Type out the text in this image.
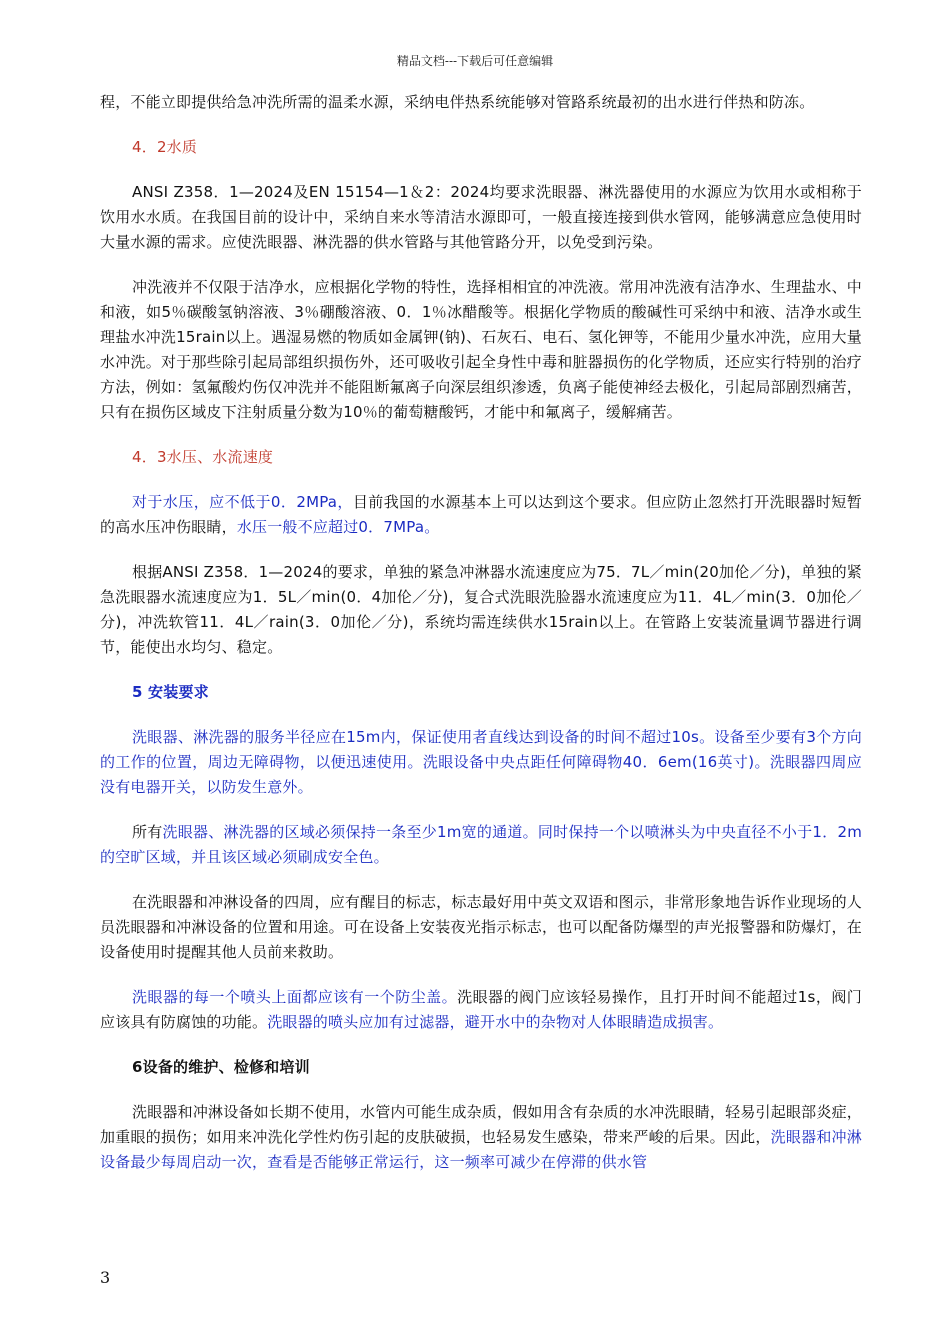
精品文档---下载后可任意编辑

程，不能立即提供给急冲洗所需的温柔水源，采纳电伴热系统能够对管路系统最初的出水进行伴热和防冻。

4．2水质

ANSI Z358．1—2024及EN 15154—1＆2：2024均要求洗眼器、淋洗器使用的水源应为饮用水或相称于饮用水水质。在我国目前的设计中，采纳自来水等清洁水源即可，一般直接连接到供水管网，能够满意应急使用时大量水源的需求。应使洗眼器、淋洗器的供水管路与其他管路分开，以免受到污染。

冲洗液并不仅限于洁净水，应根据化学物的特性，选择相相宜的冲洗液。常用冲洗液有洁净水、生理盐水、中和液，如5％碳酸氢钠溶液、3％硼酸溶液、0．1％冰醋酸等。根据化学物质的酸碱性可采纳中和液、洁净水或生理盐水冲洗15rain以上。遇湿易燃的物质如金属钾(钠)、石灰石、电石、氢化钾等，不能用少量水冲洗，应用大量水冲洗。对于那些除引起局部组织损伤外，还可吸收引起全身性中毒和脏器损伤的化学物质，还应实行特别的治疗方法，例如：氢氟酸灼伤仅冲洗并不能阻断氟离子向深层组织渗透，负离子能使神经去极化，引起局部剧烈痛苦，只有在损伤区域皮下注射质量分数为10％的葡萄糖酸钙，才能中和氟离子，缓解痛苦。

4．3水压、水流速度

对于水压，应不低于0．2MPa，目前我国的水源基本上可以达到这个要求。但应防止忽然打开洗眼器时短暂的高水压冲伤眼睛，水压一般不应超过0．7MPa。

根据ANSI Z358．1—2024的要求，单独的紧急冲淋器水流速度应为75．7L／min(20加伦／分)，单独的紧急洗眼器水流速度应为1．5L／min(0．4加伦／分)，复合式洗眼洗脸器水流速度应为11．4L／min(3．0加伦／分)，冲洗软管11．4L／rain(3．0加伦／分)，系统均需连续供水15rain以上。在管路上安装流量调节器进行调节，能使出水均匀、稳定。

5 安装要求

洗眼器、淋洗器的服务半径应在15m内，保证使用者直线达到设备的时间不超过10s。设备至少要有3个方向的工作的位置，周边无障碍物，以便迅速使用。洗眼设备中央点距任何障碍物40．6em(16英寸)。洗眼器四周应没有电器开关，以防发生意外。

所有洗眼器、淋洗器的区域必须保持一条至少1m宽的通道。同时保持一个以喷淋头为中央直径不小于1．2m的空旷区域，并且该区域必须刷成安全色。

在洗眼器和冲淋设备的四周，应有醒目的标志，标志最好用中英文双语和图示，非常形象地告诉作业现场的人员洗眼器和冲淋设备的位置和用途。可在设备上安装夜光指示标志，也可以配备防爆型的声光报警器和防爆灯，在设备使用时提醒其他人员前来救助。

洗眼器的每一个喷头上面都应该有一个防尘盖。洗眼器的阀门应该轻易操作，且打开时间不能超过1s，阀门应该具有防腐蚀的功能。洗眼器的喷头应加有过滤器，避开水中的杂物对人体眼睛造成损害。

6设备的维护、检修和培训

洗眼器和冲淋设备如长期不使用，水管内可能生成杂质，假如用含有杂质的水冲洗眼睛，轻易引起眼部炎症，加重眼的损伤；如用来冲洗化学性灼伤引起的皮肤破损，也轻易发生感染，带来严峻的后果。因此，洗眼器和冲淋设备最少每周启动一次，查看是否能够正常运行，这一频率可减少在停滞的供水管

3
